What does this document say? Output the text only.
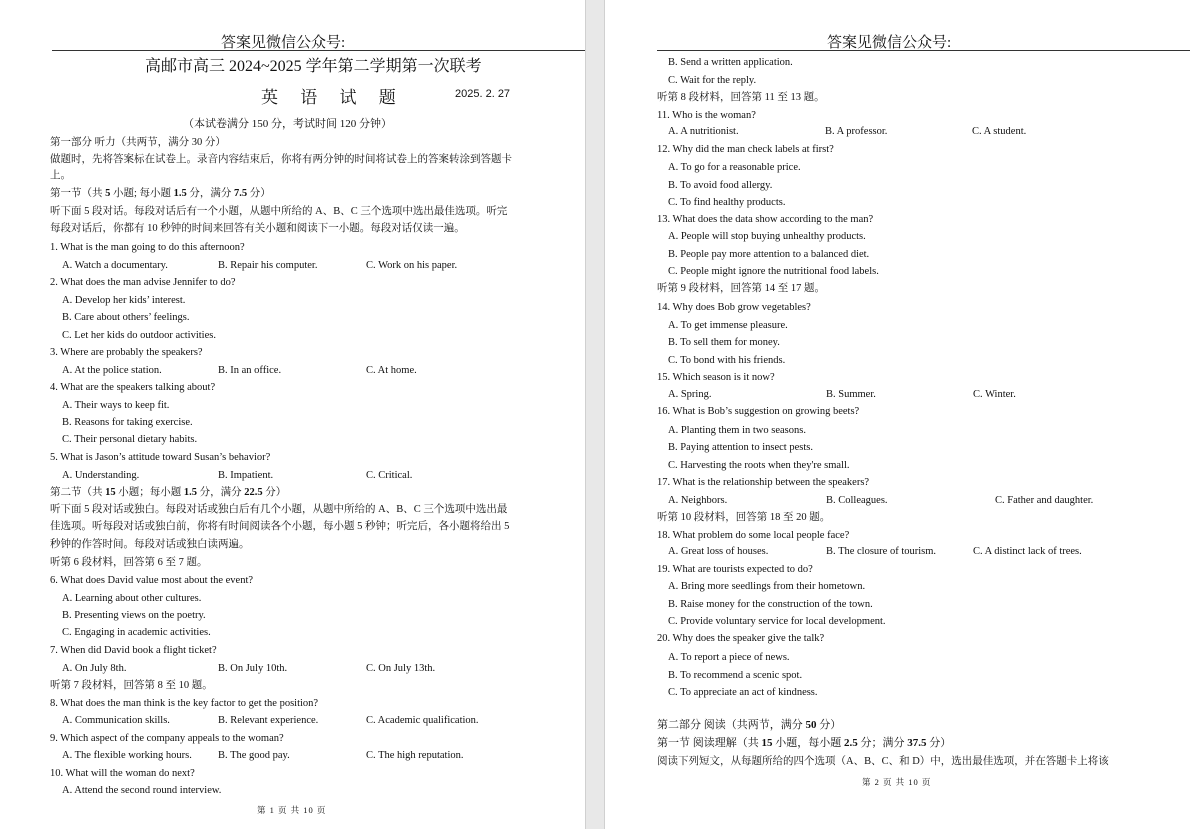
答案见微信公众号:
高邮市高三 2024~2025 学年第二学期第一次联考
英 语 试 题	2025. 2. 27
（本试卷满分 150 分，考试时间 120 分钟）
第一部分 听力（共两节，满分 30 分）
做题时，先将答案标在试卷上。录音内容结束后，你将有两分钟的时间将试卷上的答案转涂到答题卡
上。
第一节（共 5 小题; 每小题 1.5 分，满分 7.5 分）
听下面 5 段对话。每段对话后有一个小题，从题中所给的 A、B、C 三个选项中选出最佳选项。听完
每段对话后，你都有 10 秒钟的时间来回答有关小题和阅读下一小题。每段对话仅读一遍。
1. What is the man going to do this afternoon?
A. Watch a documentary.	B. Repair his computer.	C. Work on his paper.
2. What does the man advise Jennifer to do?
A. Develop her kids’ interest.
B. Care about others’ feelings.
C. Let her kids do outdoor activities.
3. Where are probably the speakers?
A. At the police station.	B. In an office.	C. At home.
4. What are the speakers talking about?
A. Their ways to keep fit.
B. Reasons for taking exercise.
C. Their personal dietary habits.
5. What is Jason’s attitude toward Susan’s behavior?
A. Understanding.	B. Impatient.	C. Critical.
第二节（共 15 小题；每小题 1.5 分，满分 22.5 分）
听下面 5 段对话或独白。每段对话或独白后有几个小题，从题中所给的 A、B、C 三个选项中选出最
佳选项。听每段对话或独白前，你将有时间阅读各个小题，每小题 5 秒钟；听完后，各小题将给出 5
秒钟的作答时间。每段对话或独白读两遍。
听第 6 段材料，回答第 6 至 7 题。
6. What does David value most about the event?
A. Learning about other cultures.
B. Presenting views on the poetry.
C. Engaging in academic activities.
7. When did David book a flight ticket?
A. On July 8th.	B. On July 10th.	C. On July 13th.
听第 7 段材料，回答第 8 至 10 题。
8. What does the man think is the key factor to get the position?
A. Communication skills.	B. Relevant experience.	C. Academic qualification.
9. Which aspect of the company appeals to the woman?
A. The flexible working hours. B. The good pay.	C. The high reputation.
10. What will the woman do next?
A. Attend the second round interview.
第 1 页 共 10 页
答案见微信公众号:
B. Send a written application.
C. Wait for the reply.
听第 8 段材料，回答第 11 至 13 题。
11. Who is the woman?
A. A nutritionist.	B. A professor.	C. A student.
12. Why did the man check labels at first?
A. To go for a reasonable price.
B. To avoid food allergy.
C. To find healthy products.
13. What does the data show according to the man?
A. People will stop buying unhealthy products.
B. People pay more attention to a balanced diet.
C. People might ignore the nutritional food labels.
听第 9 段材料，回答第 14 至 17 题。
14. Why does Bob grow vegetables?
A. To get immense pleasure.
B. To sell them for money.
C. To bond with his friends.
15. Which season is it now?
A. Spring.	B. Summer.	C. Winter.
16. What is Bob’s suggestion on growing beets?
A. Planting them in two seasons.
B. Paying attention to insect pests.
C. Harvesting the roots when they're small.
17. What is the relationship between the speakers?
A. Neighbors.	B. Colleagues.	C. Father and daughter.
听第 10 段材料，回答第 18 至 20 题。
18. What problem do some local people face?
A. Great loss of houses.	B. The closure of tourism.	C. A distinct lack of trees.
19. What are tourists expected to do?
A. Bring more seedlings from their hometown.
B. Raise money for the construction of the town.
C. Provide voluntary service for local development.
20. Why does the speaker give the talk?
A. To report a piece of news.
B. To recommend a scenic spot.
C. To appreciate an act of kindness.
第二部分 阅读（共两节，满分 50 分）
第一节 阅读理解（共 15 小题，每小题 2.5 分；满分 37.5 分）
阅读下列短文，从每题所给的四个选项（A、B、C、和 D）中，选出最佳选项，并在答题卡上将该
第 2 页 共 10 页
